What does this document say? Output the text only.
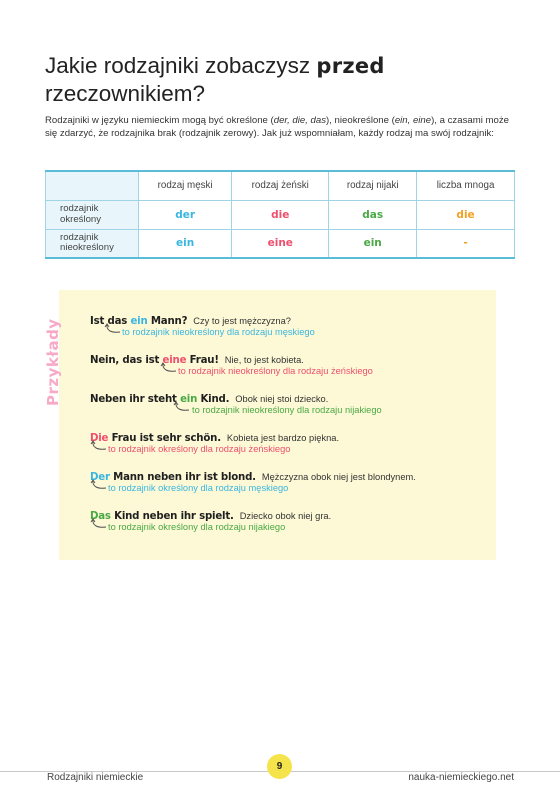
Jakie rodzajniki zobaczysz przed
rzeczownikiem?

Rodzajniki w języku niemieckim mogą być określone (der, die, das), nieokreślone (ein, eine), a czasami może się zdarzyć, że rodzajnika brak (rodzajnik zerowy). Jak już wspomniałam, każdy rodzaj ma swój rodzajnik:

	rodzaj męski	rodzaj żeński	rodzaj nijaki	liczba mnoga
rodzajnik
określony	der	die	das	die
rodzajnik
nieokreślony	ein	eine	ein	-
Przykłady	Ist das ein Mann? Czy to jest mężczyzna?
to rodzajnik nieokreślony dla rodzaju męskiego
Nein, das ist eine Frau! Nie, to jest kobieta.
to rodzajnik nieokreślony dla rodzaju żeńskiego
Neben ihr steht ein Kind. Obok niej stoi dziecko.
to rodzajnik nieokreślony dla rodzaju nijakiego
Die Frau ist sehr schön. Kobieta jest bardzo piękna.
to rodzajnik określony dla rodzaju żeńskiego
Der Mann neben ihr ist blond. Mężczyzna obok niej jest blondynem.
to rodzajnik określony dla rodzaju męskiego
Das Kind neben ihr spielt. Dziecko obok niej gra.
to rodzajnik określony dla rodzaju nijakiego
Rodzajniki niemieckie
9
nauka-niemieckiego.net
